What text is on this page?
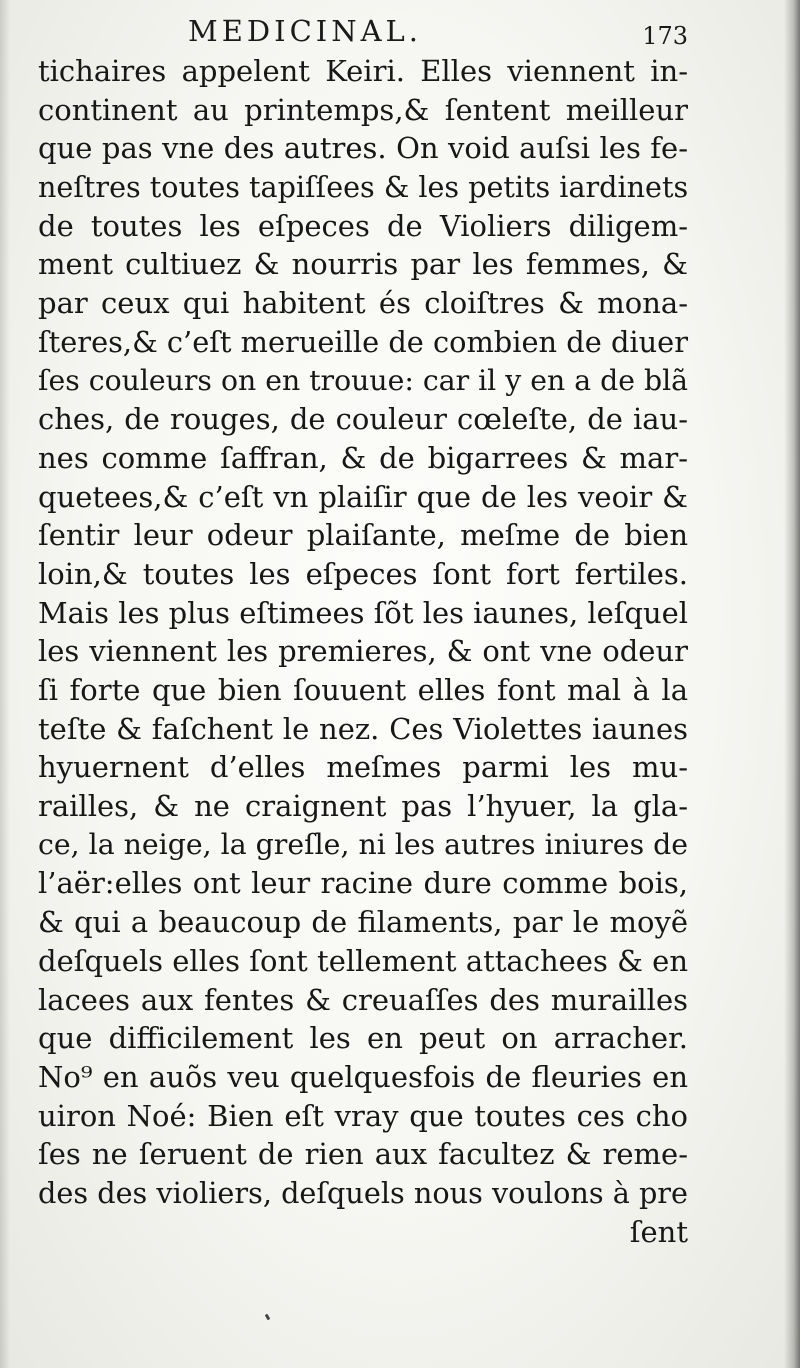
MEDICINAL.	173
tichaires appelent Keiri. Elles viennent in-
continent au printemps,& ſentent meilleur
que pas vne des autres. On void auſsi les fe-
neſtres toutes tapiſſees & les petits iardinets
de toutes les eſpeces de Violiers diligem-
ment cultiuez & nourris par les femmes, &
par ceux qui habitent és cloiſtres & mona-
ſteres,& c’eſt merueille de combien de diuer
ſes couleurs on en trouue: car il y en a de blã
ches, de rouges, de couleur cœleſte, de iau-
nes comme ſaffran, & de bigarrees & mar-
quetees,& c’eſt vn plaiſir que de les veoir &
ſentir leur odeur plaiſante, meſme de bien
loin,& toutes les eſpeces ſont fort fertiles.
Mais les plus eſtimees ſõt les iaunes, leſquel
les viennent les premieres, & ont vne odeur
ſi forte que bien ſouuent elles font mal à la
teſte & faſchent le nez. Ces Violettes iaunes
hyuernent d’elles meſmes parmi les mu-
railles, & ne craignent pas l’hyuer, la gla-
ce, la neige, la greſle, ni les autres iniures de
l’aër:elles ont leur racine dure comme bois,
& qui a beaucoup de filaments, par le moyẽ
deſquels elles ſont tellement attachees & en
lacees aux fentes & creuaſſes des murailles
que difficilement les en peut on arracher.
No⁹ en auõs veu quelquesfois de fleuries en
uiron Noé: Bien eſt vray que toutes ces cho
ſes ne ſeruent de rien aux facultez & reme-
des des violiers, deſquels nous voulons à pre
ſent
